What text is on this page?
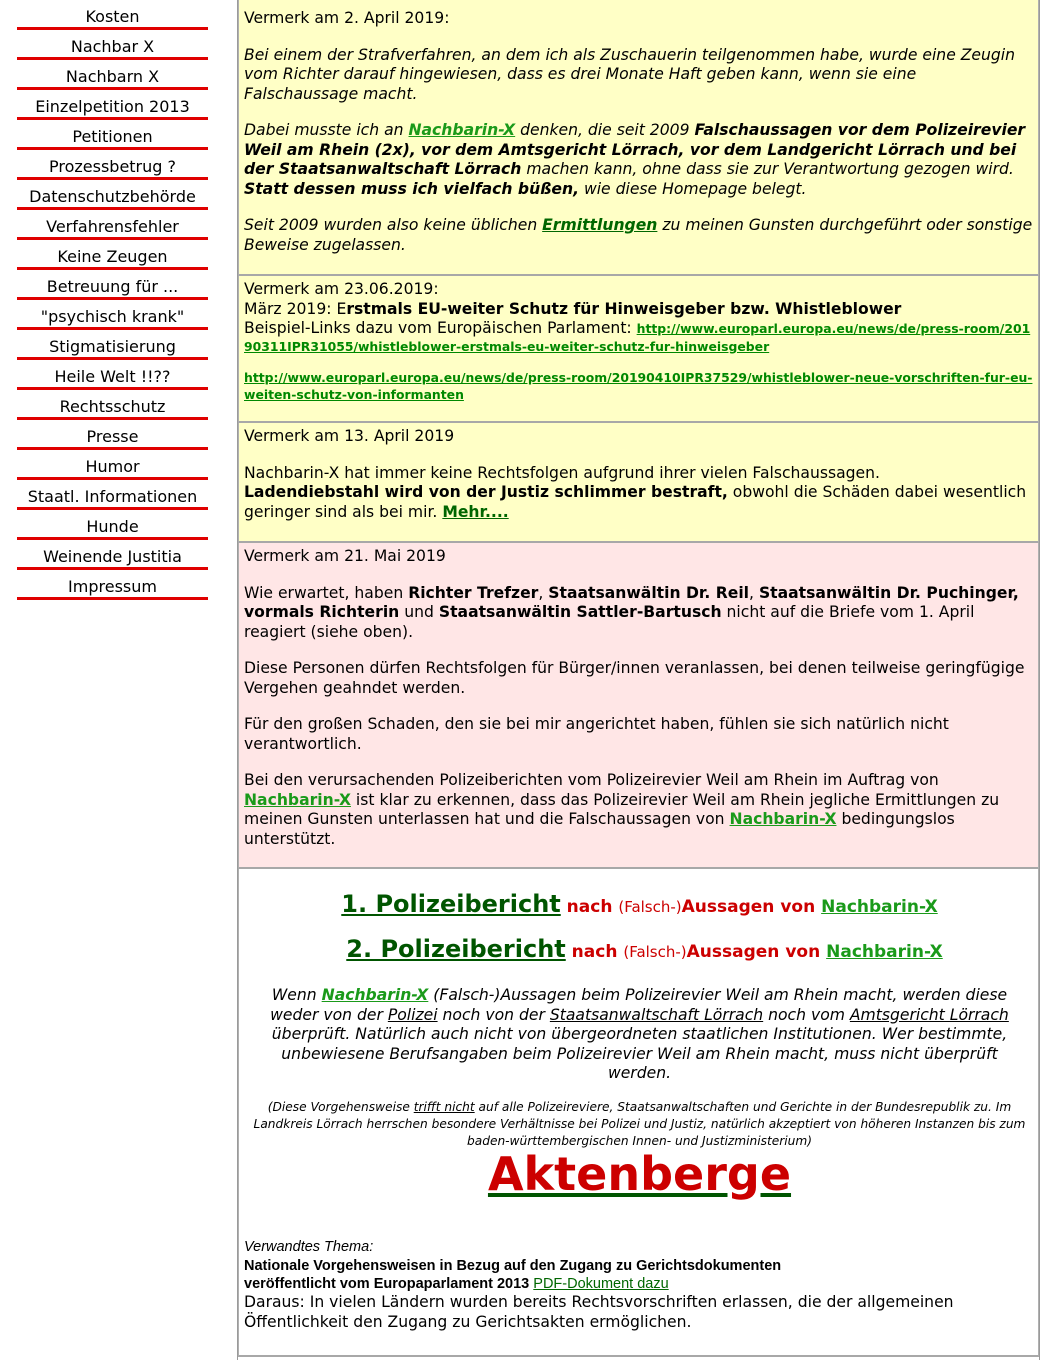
Kosten
Nachbar X
Nachbarn X
Einzelpetition 2013
Petitionen
Prozessbetrug ?
Datenschutzbehörde
Verfahrensfehler
Keine Zeugen
Betreuung für ...
"psychisch krank"
Stigmatisierung
Heile Welt !!??
Rechtsschutz
Presse
Humor
Staatl. Informationen
Hunde
Weinende Justitia
Impressum
Vermerk am 2. April 2019:

Bei einem der Strafverfahren, an dem ich als Zuschauerin teilgenommen habe, wurde eine Zeugin vom Richter darauf hingewiesen, dass es drei Monate Haft geben kann, wenn sie eine Falschaussage macht.

Dabei musste ich an Nachbarin-X denken, die seit 2009 Falschaussagen vor dem Polizeirevier Weil am Rhein (2x), vor dem Amtsgericht Lörrach, vor dem Landgericht Lörrach und bei der Staatsanwaltschaft Lörrach machen kann, ohne dass sie zur Verantwortung gezogen wird. Statt dessen muss ich vielfach büßen, wie diese Homepage belegt.

Seit 2009 wurden also keine üblichen Ermittlungen zu meinen Gunsten durchgeführt oder sonstige Beweise zugelassen.

Vermerk am 23.06.2019:
März 2019: Erstmals EU-weiter Schutz für Hinweisgeber bzw. Whistleblower
Beispiel-Links dazu vom Europäischen Parlament: http://www.europarl.europa.eu/news/de/press-room/20190311IPR31055/whistleblower-erstmals-eu-weiter-schutz-fur-hinweisgeber
http://www.europarl.europa.eu/news/de/press-room/20190410IPR37529/whistleblower-neue-vorschriften-fur-eu-weiten-schutz-von-informanten
Vermerk am 13. April 2019

Nachbarin-X hat immer keine Rechtsfolgen aufgrund ihrer vielen Falschaussagen.

Ladendiebstahl wird von der Justiz schlimmer bestraft, obwohl die Schäden dabei wesentlich geringer sind als bei mir. Mehr....

Vermerk am 21. Mai 2019

Wie erwartet, haben Richter Trefzer, Staatsanwältin Dr. Reil, Staatsanwältin Dr. Puchinger, vormals Richterin und Staatsanwältin Sattler-Bartusch nicht auf die Briefe vom 1. April reagiert (siehe oben).

Diese Personen dürfen Rechtsfolgen für Bürger/innen veranlassen, bei denen teilweise geringfügige Vergehen geahndet werden.

Für den großen Schaden, den sie bei mir angerichtet haben, fühlen sie sich natürlich nicht verantwortlich.

Bei den verursachenden Polizeiberichten vom Polizeirevier Weil am Rhein im Auftrag von Nachbarin-X ist klar zu erkennen, dass das Polizeirevier Weil am Rhein jegliche Ermittlungen zu meinen Gunsten unterlassen hat und die Falschaussagen von Nachbarin-X bedingungslos unterstützt.

1. Polizeibericht nach (Falsch-)Aussagen von Nachbarin-X
2. Polizeibericht nach (Falsch-)Aussagen von Nachbarin-X

Wenn Nachbarin-X (Falsch-)Aussagen beim Polizeirevier Weil am Rhein macht, werden diese weder von der Polizei noch von der Staatsanwaltschaft Lörrach noch vom Amtsgericht Lörrach überprüft. Natürlich auch nicht von übergeordneten staatlichen Institutionen. Wer bestimmte, unbewiesene Berufsangaben beim Polizeirevier Weil am Rhein macht, muss nicht überprüft werden.

(Diese Vorgehensweise trifft nicht auf alle Polizeireviere, Staatsanwaltschaften und Gerichte in der Bundesrepublik zu. Im Landkreis Lörrach herrschen besondere Verhältnisse bei Polizei und Justiz, natürlich akzeptiert von höheren Instanzen bis zum baden-württembergischen Innen- und Justizministerium)

Aktenberge
Verwandtes Thema:
Nationale Vorgehensweisen in Bezug auf den Zugang zu Gerichtsdokumenten
veröffentlicht vom Europaparlament 2013 PDF-Dokument dazu
Daraus: In vielen Ländern wurden bereits Rechtsvorschriften erlassen, die der allgemeinen Öffentlichkeit den Zugang zu Gerichtsakten ermöglichen.
